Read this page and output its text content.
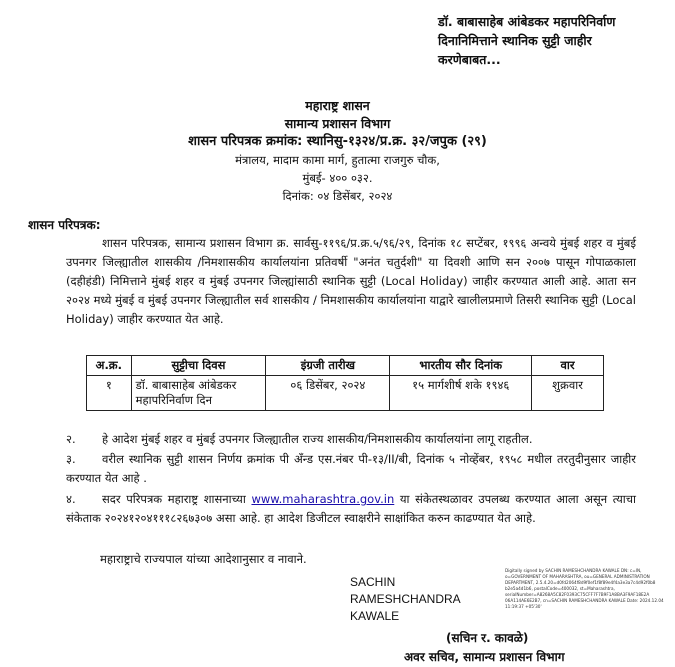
डॉ. बाबासाहेब आंबेडकर महापरिनिर्वाण
दिनानिमित्ताने स्थानिक सुट्टी जाहीर
करणेबाबत...
महाराष्ट्र शासन
सामान्य प्रशासन विभाग
शासन परिपत्रक क्रमांक: स्थानिसु-१३२४/प्र.क्र. ३२/जपुक (२९)
मंत्रालय, मादाम कामा मार्ग, हुतात्मा राजगुरु चौक,
मुंबई- ४०० ०३२.
दिनांक: ०४ डिसेंबर, २०२४
शासन परिपत्रक:
शासन परिपत्रक, सामान्य प्रशासन विभाग क्र. सार्वसु-११९६/प्र.क्र.५/९६/२९, दिनांक १८ सप्टेंबर, १९९६ अन्वये मुंबई शहर व मुंबई उपनगर जिल्ह्यातील शासकीय /निमशासकीय कार्यालयांना प्रतिवर्षी "अनंत चतुर्दशी" या दिवशी आणि सन २००७ पासून गोपाळकाला (दहीहंडी) निमित्ताने मुंबई शहर व मुंबई उपनगर जिल्ह्यांसाठी स्थानिक सुट्टी (Local Holiday) जाहीर करण्यात आली आहे. आता सन २०२४ मध्ये मुंबई व मुंबई उपनगर जिल्ह्यातील सर्व शासकीय / निमशासकीय कार्यालयांना याद्वारे खालीलप्रमाणे तिसरी स्थानिक सुट्टी (Local Holiday) जाहीर करण्यात येत आहे.
अ.क्र.	सुट्टीचा दिवस	इंग्रजी तारीख	भारतीय सौर दिनांक	वार
१	डॉ. बाबासाहेब आंबेडकर महापरिनिर्वाण दिन	०६ डिसेंबर, २०२४	१५ मार्गशीर्ष शके १९४६	शुक्रवार
२. हे आदेश मुंबई शहर व मुंबई उपनगर जिल्ह्यातील राज्य शासकीय/निमशासकीय कार्यालयांना लागू राहतील.
३. वरील स्थानिक सुट्टी शासन निर्णय क्रमांक पी अँन्ड एस.नंबर पी-१३/II/बी, दिनांक ५ नोव्हेंबर, १९५८ मधील तरतुदीनुसार जाहीर करण्यात येत आहे .
४. सदर परिपत्रक महाराष्ट्र शासनाच्या www.maharashtra.gov.in या संकेतस्थळावर उपलब्ध करण्यात आला असून त्याचा संकेताक २०२४१२०४१११८२६७३०७ असा आहे. हा आदेश डिजीटल स्वाक्षरीने साक्षांकित करुन काढण्यात येत आहे.
महाराष्ट्राचे राज्यपाल यांच्या आदेशानुसार व नावाने.
SACHIN
RAMESHCHANDRA
KAWALE
Digitally signed by SACHIN RAMESHCHANDRA KAWALE DN: c=IN, o=GOVERNMENT OF MAHARASHTRA, ou=GENERAL ADMINISTRATION DEPARTMENT, 2.5.4.20=d0fd2064f8d9f0ef1f8f89e4f4a3e3a7c4d92f0b8 b2e5a4d1b6, postalCode=400032, st=Maharashtra, serialNumber=A8268A5C82F0393C75CFF7F7B9F1A8BA3F9AF18E2A 06A114AE6E2B7, cn=SACHIN RAMESHCHANDRA KAWALE Date: 2024.12.04 11:19:37 +05'30'
(सचिन र. कावळे)
अवर सचिव, सामान्य प्रशासन विभाग
